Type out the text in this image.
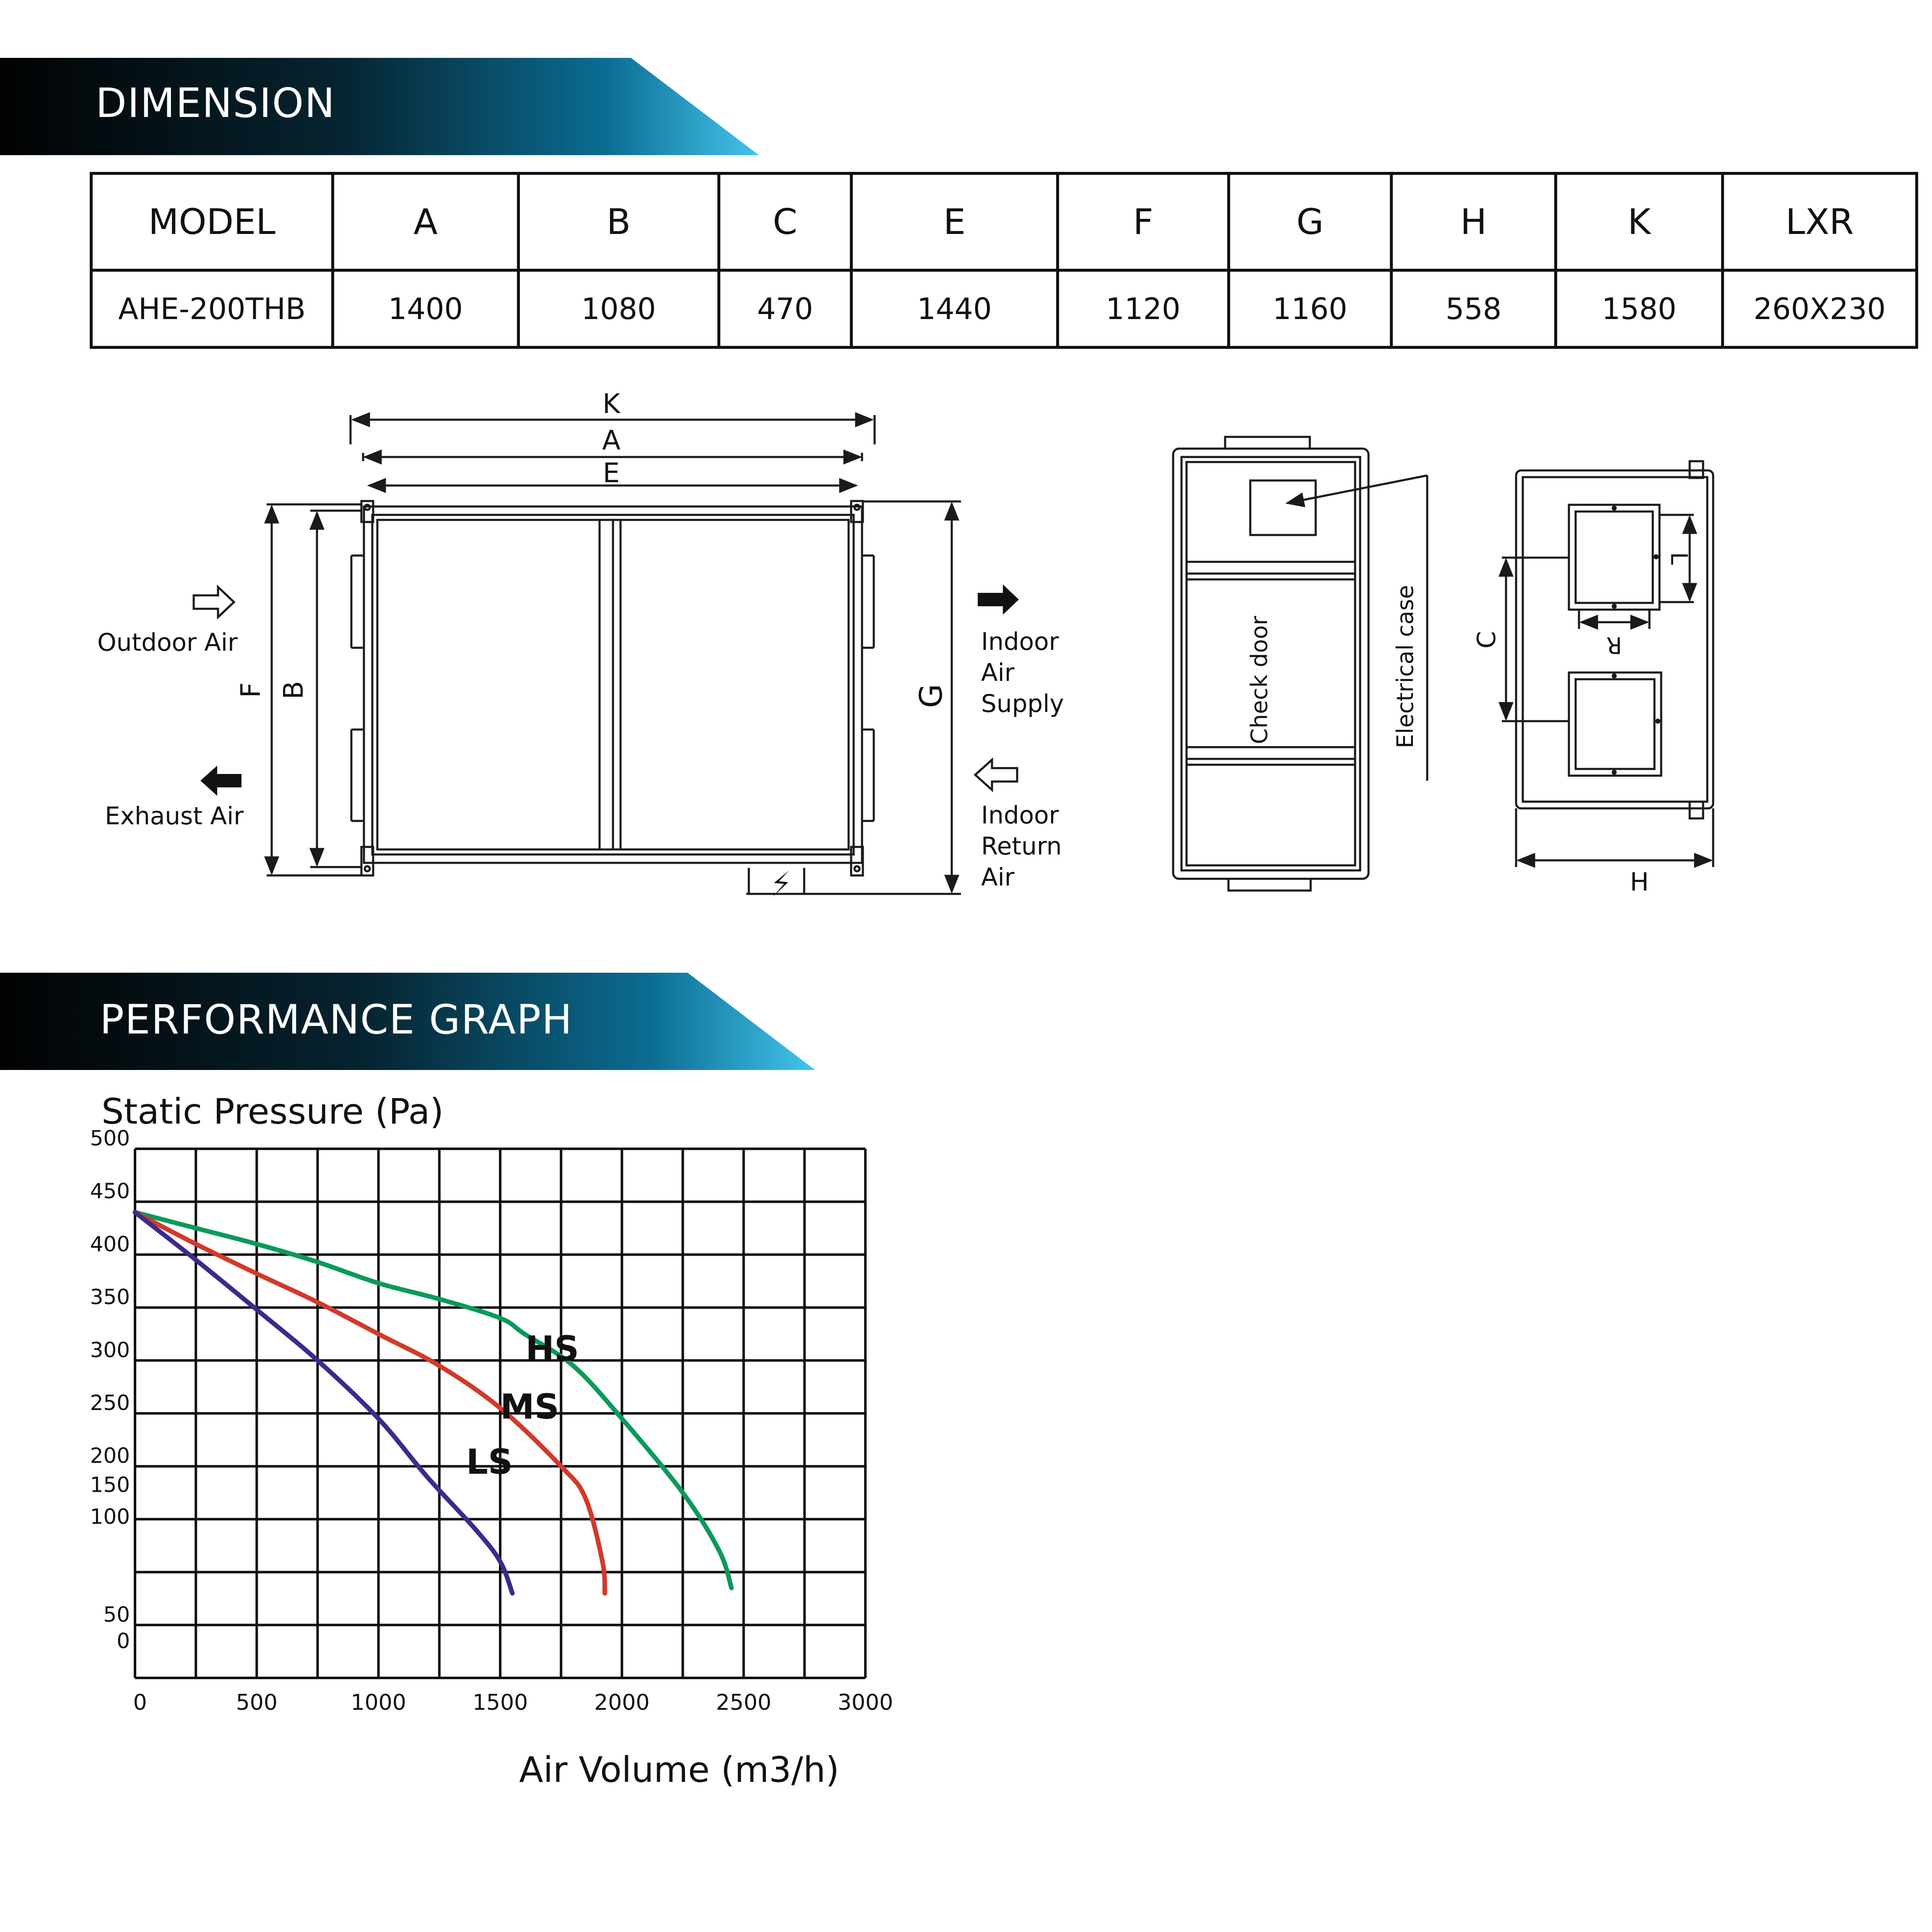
DIMENSION
MODEL	A	B	C	E	F	G	H	K	LXR
AHE-200THB	1400	1080	470	1440	1120	1160	558	1580	260X230
K
A
E
F B	G
Outdoor Air
Exhaust Air
Indoor
Air
Supply
Indoor
Return
Air
Check door	Electrical case
L
R
C
H
PERFORMANCE GRAPH
Static Pressure (Pa)
Air Volume (m3/h)
500
450
400
350
300
250
200
150
100
50
0
0	500	1000	1500	2000	2500	3000
HS
MS
LS
